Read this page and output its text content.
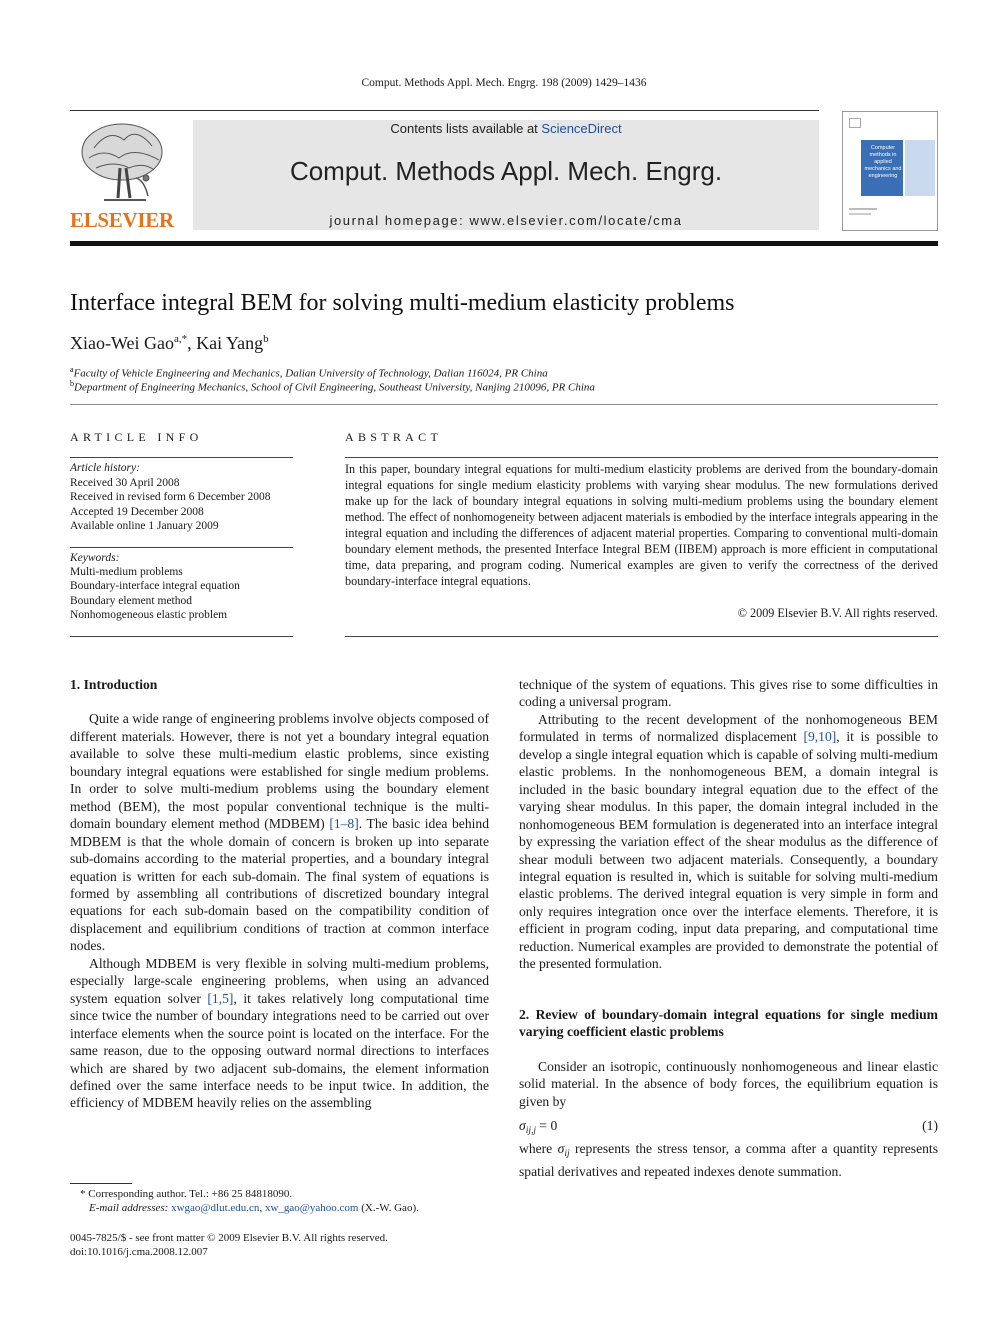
Comput. Methods Appl. Mech. Engrg. 198 (2009) 1429–1436
ELSEVIER
Contents lists available at ScienceDirect
Comput. Methods Appl. Mech. Engrg.
journal homepage: www.elsevier.com/locate/cma
Computer methods in applied mechanics and engineering
Interface integral BEM for solving multi-medium elasticity problems
Xiao-Wei Gao$^{a,*}$, Kai Yang$^b$
$^a$Faculty of Vehicle Engineering and Mechanics, Dalian University of Technology, Dalian 116024, PR China
$^b$Department of Engineering Mechanics, School of Civil Engineering, Southeast University, Nanjing 210096, PR China
ARTICLE INFO
Article history:
Received 30 April 2008
Received in revised form 6 December 2008
Accepted 19 December 2008
Available online 1 January 2009
Keywords:
Multi-medium problems
Boundary-interface integral equation
Boundary element method
Nonhomogeneous elastic problem
ABSTRACT
In this paper, boundary integral equations for multi-medium elasticity problems are derived from the boundary-domain integral equations for single medium elasticity problems with varying shear modulus. The new formulations derived make up for the lack of boundary integral equations in solving multi-medium problems using the boundary element method. The effect of nonhomogeneity between adjacent materials is embodied by the interface integrals appearing in the integral equation and including the differences of adjacent material properties. Comparing to conventional multi-domain boundary element methods, the presented Interface Integral BEM (IIBEM) approach is more efficient in computational time, data preparing, and program coding. Numerical examples are given to verify the correctness of the derived boundary-interface integral equations.
© 2009 Elsevier B.V. All rights reserved.

1. Introduction

Quite a wide range of engineering problems involve objects composed of different materials. However, there is not yet a boundary integral equation available to solve these multi-medium elastic problems, since existing boundary integral equations were established for single medium problems. In order to solve multi-medium problems using the boundary element method (BEM), the most popular conventional technique is the multi-domain boundary element method (MDBEM) [1–8]. The basic idea behind MDBEM is that the whole domain of concern is broken up into separate sub-domains according to the material properties, and a boundary integral equation is written for each sub-domain. The final system of equations is formed by assembling all contributions of discretized boundary integral equations for each sub-domain based on the compatibility condition of displacement and equilibrium conditions of traction at common interface nodes.

Although MDBEM is very flexible in solving multi-medium problems, especially large-scale engineering problems, when using an advanced system equation solver [1,5], it takes relatively long computational time since twice the number of boundary integrations need to be carried out over interface elements when the source point is located on the interface. For the same reason, due to the opposing outward normal directions to interfaces which are shared by two adjacent sub-domains, the element information defined over the same interface needs to be input twice. In addition, the efficiency of MDBEM heavily relies on the assembling

technique of the system of equations. This gives rise to some difficulties in coding a universal program.

Attributing to the recent development of the nonhomogeneous BEM formulated in terms of normalized displacement [9,10], it is possible to develop a single integral equation which is capable of solving multi-medium elastic problems. In the nonhomogeneous BEM, a domain integral is included in the basic boundary integral equation due to the effect of the varying shear modulus. In this paper, the domain integral included in the nonhomogeneous BEM formulation is degenerated into an interface integral by expressing the variation effect of the shear modulus as the difference of shear moduli between two adjacent materials. Consequently, a boundary integral equation is resulted in, which is suitable for solving multi-medium elastic problems. The derived integral equation is very simple in form and only requires integration once over the interface elements. Therefore, it is efficient in program coding, input data preparing, and computational time reduction. Numerical examples are provided to demonstrate the potential of the presented formulation.

2. Review of boundary-domain integral equations for single medium varying coefficient elastic problems

Consider an isotropic, continuously nonhomogeneous and linear elastic solid material. In the absence of body forces, the equilibrium equation is given by

$\sigma_{ij,j} = 0$	(1)

where $\sigma_{ij}$ represents the stress tensor, a comma after a quantity represents spatial derivatives and repeated indexes denote summation.

* Corresponding author. Tel.: +86 25 84818090.
E-mail addresses: xwgao@dlut.edu.cn, xw_gao@yahoo.com (X.-W. Gao).
0045-7825/$ - see front matter © 2009 Elsevier B.V. All rights reserved.
doi:10.1016/j.cma.2008.12.007
